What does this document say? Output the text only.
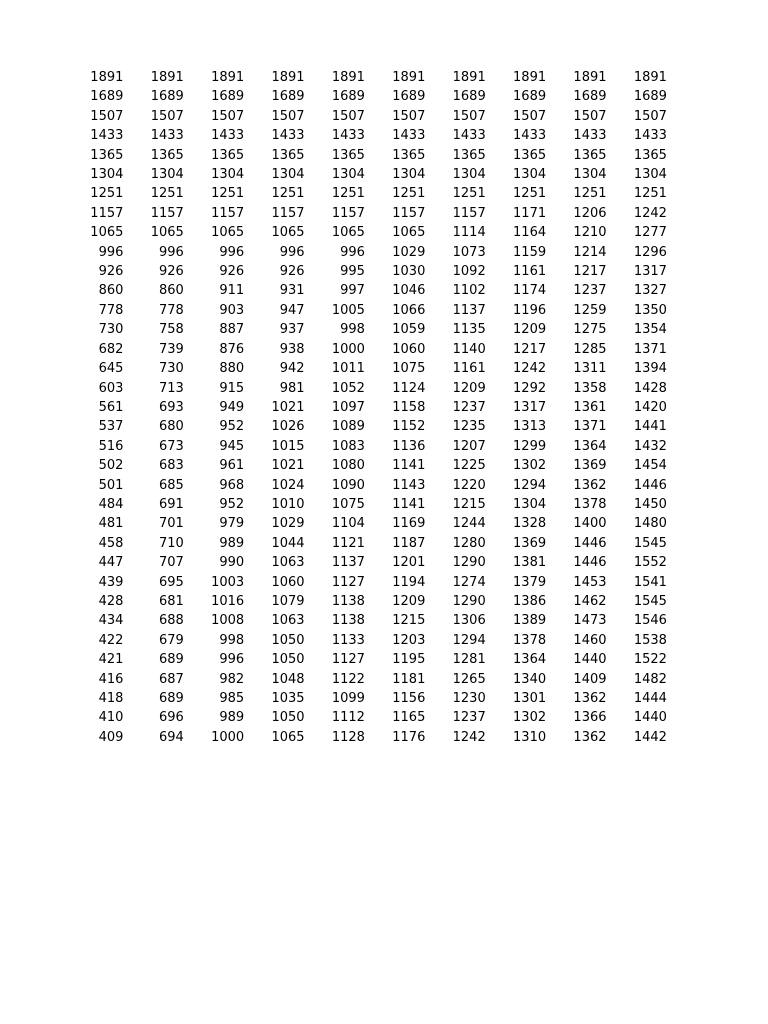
1891	1891	1891	1891	1891	1891	1891	1891	1891	1891
1689	1689	1689	1689	1689	1689	1689	1689	1689	1689
1507	1507	1507	1507	1507	1507	1507	1507	1507	1507
1433	1433	1433	1433	1433	1433	1433	1433	1433	1433
1365	1365	1365	1365	1365	1365	1365	1365	1365	1365
1304	1304	1304	1304	1304	1304	1304	1304	1304	1304
1251	1251	1251	1251	1251	1251	1251	1251	1251	1251
1157	1157	1157	1157	1157	1157	1157	1171	1206	1242
1065	1065	1065	1065	1065	1065	1114	1164	1210	1277
996	996	996	996	996	1029	1073	1159	1214	1296
926	926	926	926	995	1030	1092	1161	1217	1317
860	860	911	931	997	1046	1102	1174	1237	1327
778	778	903	947	1005	1066	1137	1196	1259	1350
730	758	887	937	998	1059	1135	1209	1275	1354
682	739	876	938	1000	1060	1140	1217	1285	1371
645	730	880	942	1011	1075	1161	1242	1311	1394
603	713	915	981	1052	1124	1209	1292	1358	1428
561	693	949	1021	1097	1158	1237	1317	1361	1420
537	680	952	1026	1089	1152	1235	1313	1371	1441
516	673	945	1015	1083	1136	1207	1299	1364	1432
502	683	961	1021	1080	1141	1225	1302	1369	1454
501	685	968	1024	1090	1143	1220	1294	1362	1446
484	691	952	1010	1075	1141	1215	1304	1378	1450
481	701	979	1029	1104	1169	1244	1328	1400	1480
458	710	989	1044	1121	1187	1280	1369	1446	1545
447	707	990	1063	1137	1201	1290	1381	1446	1552
439	695	1003	1060	1127	1194	1274	1379	1453	1541
428	681	1016	1079	1138	1209	1290	1386	1462	1545
434	688	1008	1063	1138	1215	1306	1389	1473	1546
422	679	998	1050	1133	1203	1294	1378	1460	1538
421	689	996	1050	1127	1195	1281	1364	1440	1522
416	687	982	1048	1122	1181	1265	1340	1409	1482
418	689	985	1035	1099	1156	1230	1301	1362	1444
410	696	989	1050	1112	1165	1237	1302	1366	1440
409	694	1000	1065	1128	1176	1242	1310	1362	1442
